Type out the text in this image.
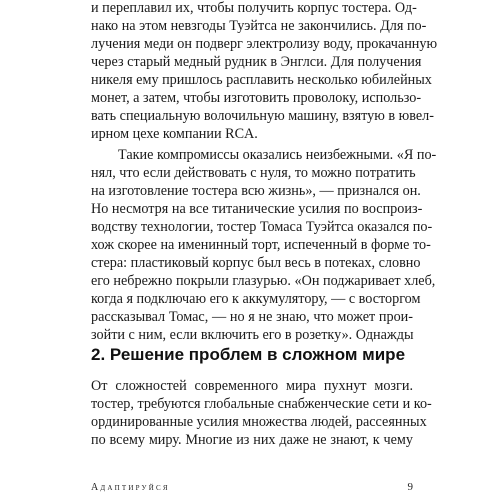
и переплавил их, чтобы получить корпус тостера. Од-
нако на этом невзгоды Туэйтса не закончились. Для по-
лучения меди он подверг электролизу воду, прокачанную
через старый медный рудник в Энглси. Для получения
никеля ему пришлось расплавить несколько юбилейных
монет, а затем, чтобы изготовить проволоку, использо-
вать специальную волочильную машину, взятую в ювел-
ирном цехе компании RCA.
Такие компромиссы оказались неизбежными. «Я по-
нял, что если действовать с нуля, то можно потратить
на изготовление тостера всю жизнь», — признался он.
Но несмотря на все титанические усилия по воспроиз-
водству технологии, тостер Томаса Туэйтса оказался по-
хож скорее на именинный торт, испеченный в форме то-
стера: пластиковый корпус был весь в потеках, словно
его небрежно покрыли глазурью. «Он поджаривает хлеб,
когда я подключаю его к аккумулятору, — с восторгом
рассказывал Томас, — но я не знаю, что может прои-
зойти с ним, если включить его в розетку». Однажды
2. Решение проблем в сложном мире
От сложностей современного мира пухнут мозги.
тостер, требуются глобальные снабженческие сети и ко-
ординированные усилия множества людей, рассеянных
по всему миру. Многие из них даже не знают, к чему
Адаптируйся	9
